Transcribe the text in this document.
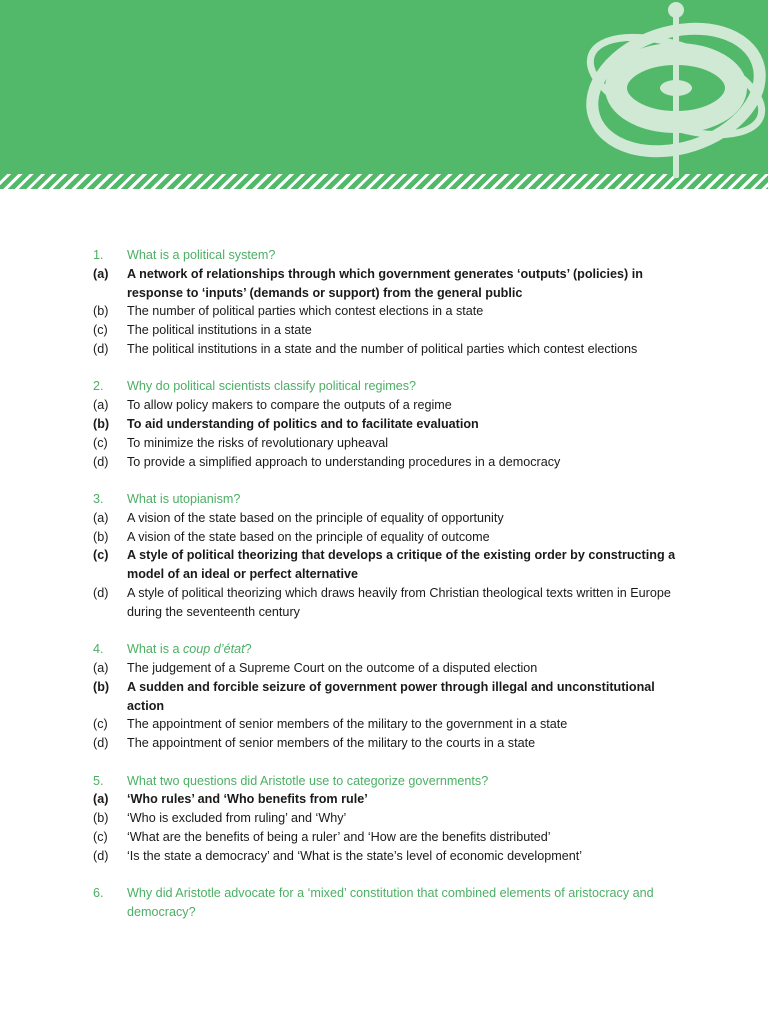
1.	What is a political system?
(a)	A network of relationships through which government generates ‘outputs’ (policies) in response to ‘inputs’ (demands or support) from the general public
(b)	The number of political parties which contest elections in a state
(c)	The political institutions in a state
(d)	The political institutions in a state and the number of political parties which contest elections
2.	Why do political scientists classify political regimes?
(a)	To allow policy makers to compare the outputs of a regime
(b)	To aid understanding of politics and to facilitate evaluation
(c)	To minimize the risks of revolutionary upheaval
(d)	To provide a simplified approach to understanding procedures in a democracy
3.	What is utopianism?
(a)	A vision of the state based on the principle of equality of opportunity
(b)	A vision of the state based on the principle of equality of outcome
(c)	A style of political theorizing that develops a critique of the existing order by constructing a model of an ideal or perfect alternative
(d)	A style of political theorizing which draws heavily from Christian theological texts written in Europe during the seventeenth century
4.	What is a coup d’état?
(a)	The judgement of a Supreme Court on the outcome of a disputed election
(b)	A sudden and forcible seizure of government power through illegal and unconstitutional action
(c)	The appointment of senior members of the military to the government in a state
(d)	The appointment of senior members of the military to the courts in a state
5.	What two questions did Aristotle use to categorize governments?
(a)	‘Who rules’ and ‘Who benefits from rule’
(b)	‘Who is excluded from ruling’ and ‘Why’
(c)	‘What are the benefits of being a ruler’ and ‘How are the benefits distributed’
(d)	‘Is the state a democracy’ and ‘What is the state’s level of economic development’
6.	Why did Aristotle advocate for a ‘mixed’ constitution that combined elements of aristocracy and democracy?
